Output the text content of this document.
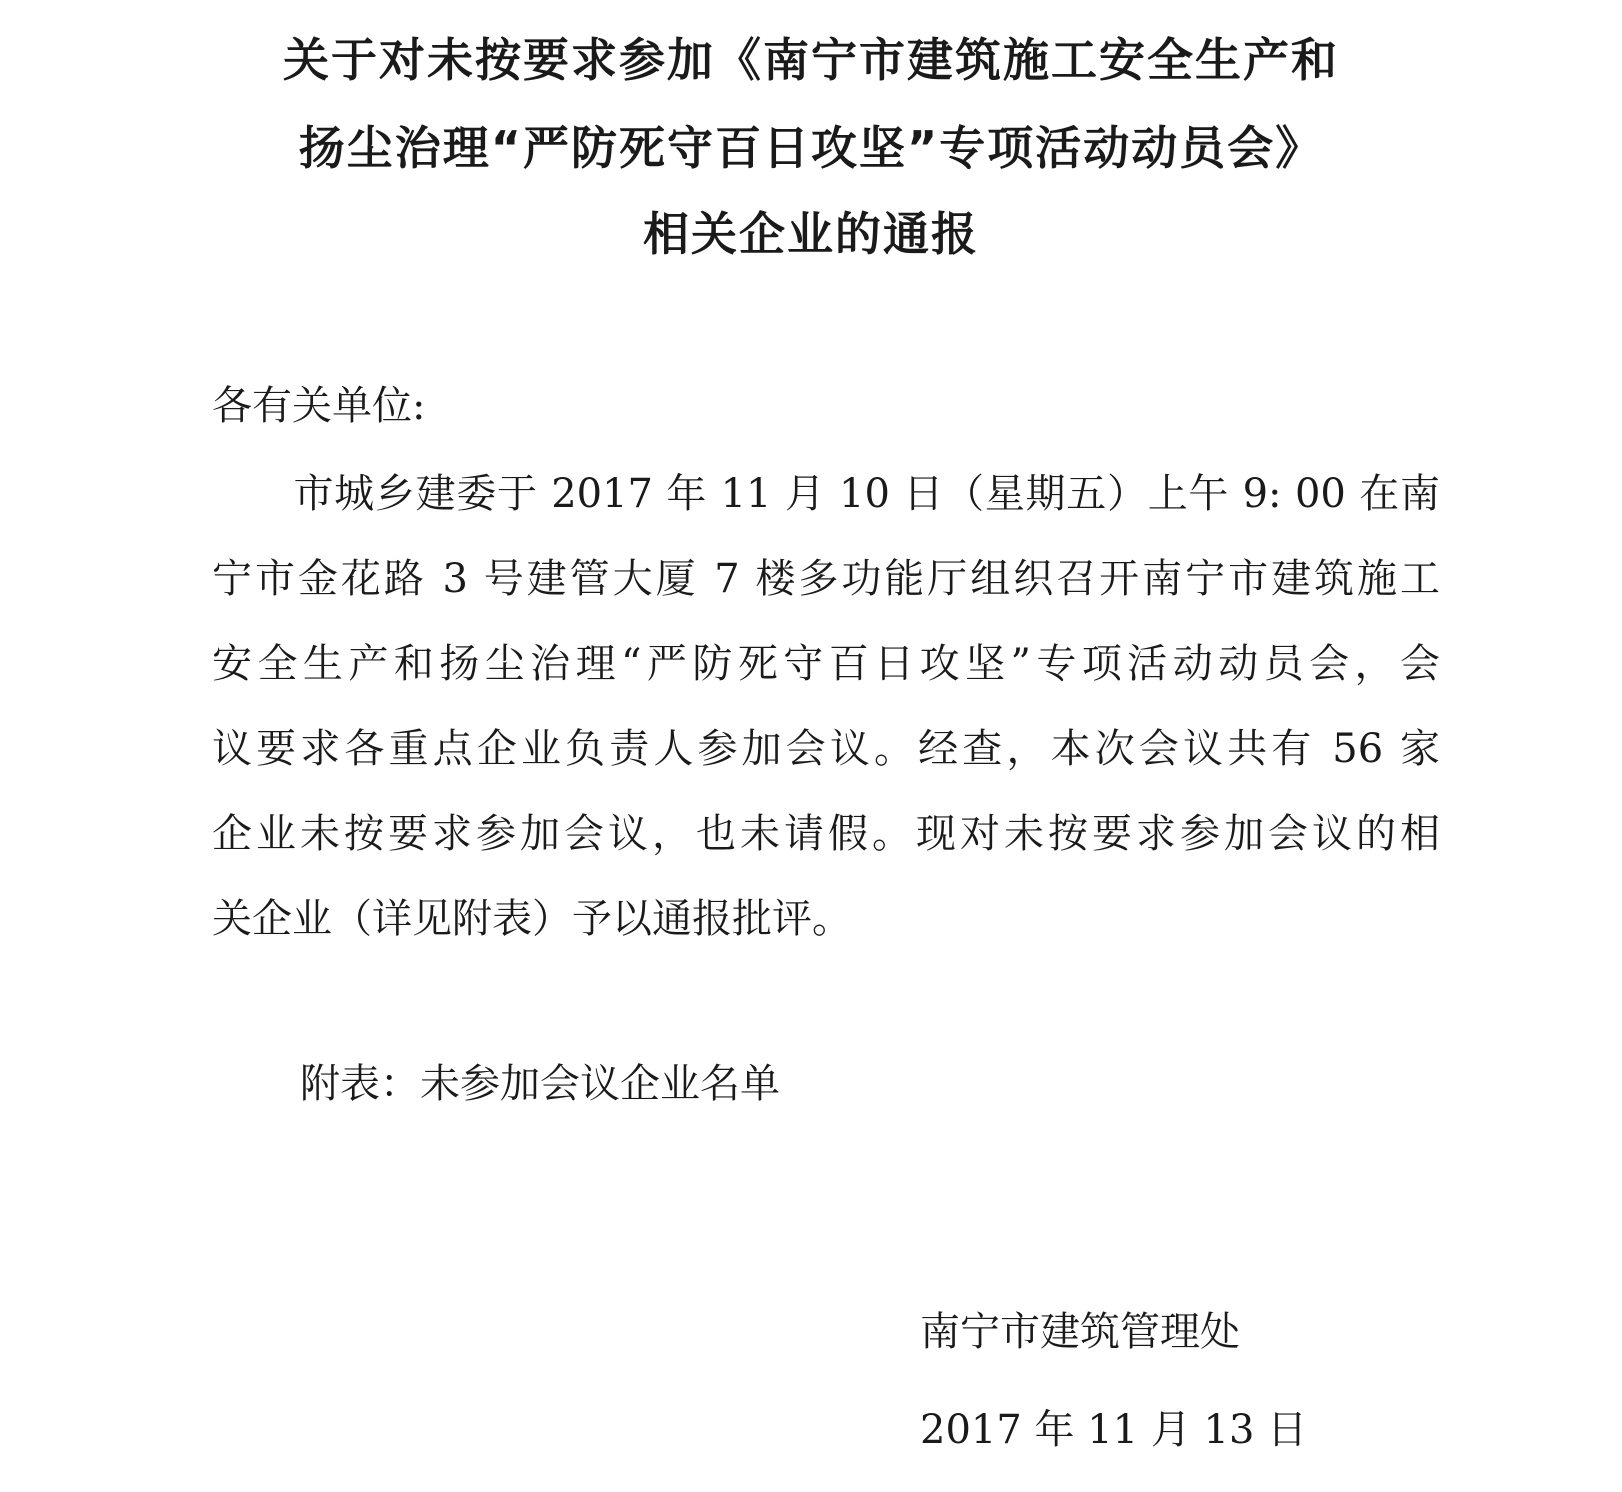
关于对未按要求参加《南宁市建筑施工安全生产和
扬尘治理“严防死守百日攻坚”专项活动动员会》
相关企业的通报
各有关单位:
　　市城乡建委于 2017 年 11 月 10 日（星期五）上午 9: 00 在南
宁市金花路 3 号建管大厦 7 楼多功能厅组织召开南宁市建筑施工
安全生产和扬尘治理“严防死守百日攻坚”专项活动动员会，会
议要求各重点企业负责人参加会议。经查，本次会议共有 56 家
企业未按要求参加会议，也未请假。现对未按要求参加会议的相
关企业（详见附表）予以通报批评。
附表：未参加会议企业名单
南宁市建筑管理处
2017 年 11 月 13 日
